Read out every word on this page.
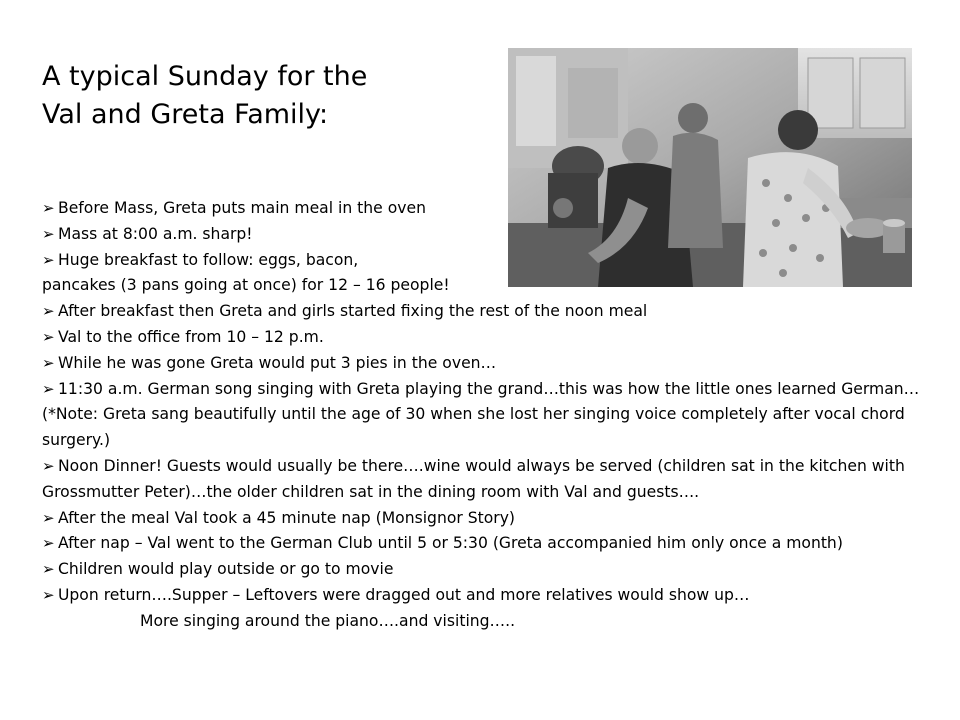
A typical Sunday for the
Val and Greta Family:
➢ Before Mass, Greta puts main meal in the oven
➢ Mass at 8:00 a.m. sharp!
➢ Huge breakfast to follow: eggs, bacon,
pancakes (3 pans going at once) for 12 – 16 people!
➢ After breakfast then Greta and girls started fixing the rest of the noon meal
➢ Val to the office from 10 – 12 p.m.
➢ While he was gone Greta would put 3 pies in the oven…
➢ 11:30 a.m. German song singing with Greta playing the grand…this was how the little ones learned German…(*Note: Greta sang beautifully until the age of 30 when she lost her singing voice completely after vocal chord surgery.)
➢ Noon Dinner! Guests would usually be there….wine would always be served (children sat in the kitchen with Grossmutter Peter)…the older children sat in the dining room with Val and guests….
➢ After the meal Val took a 45 minute nap (Monsignor Story)
➢ After nap – Val went to the German Club until 5 or 5:30 (Greta accompanied him only once a month)
➢ Children would play outside or go to movie
➢ Upon return….Supper – Leftovers were dragged out and more relatives would show up…
More singing around the piano….and visiting…..
